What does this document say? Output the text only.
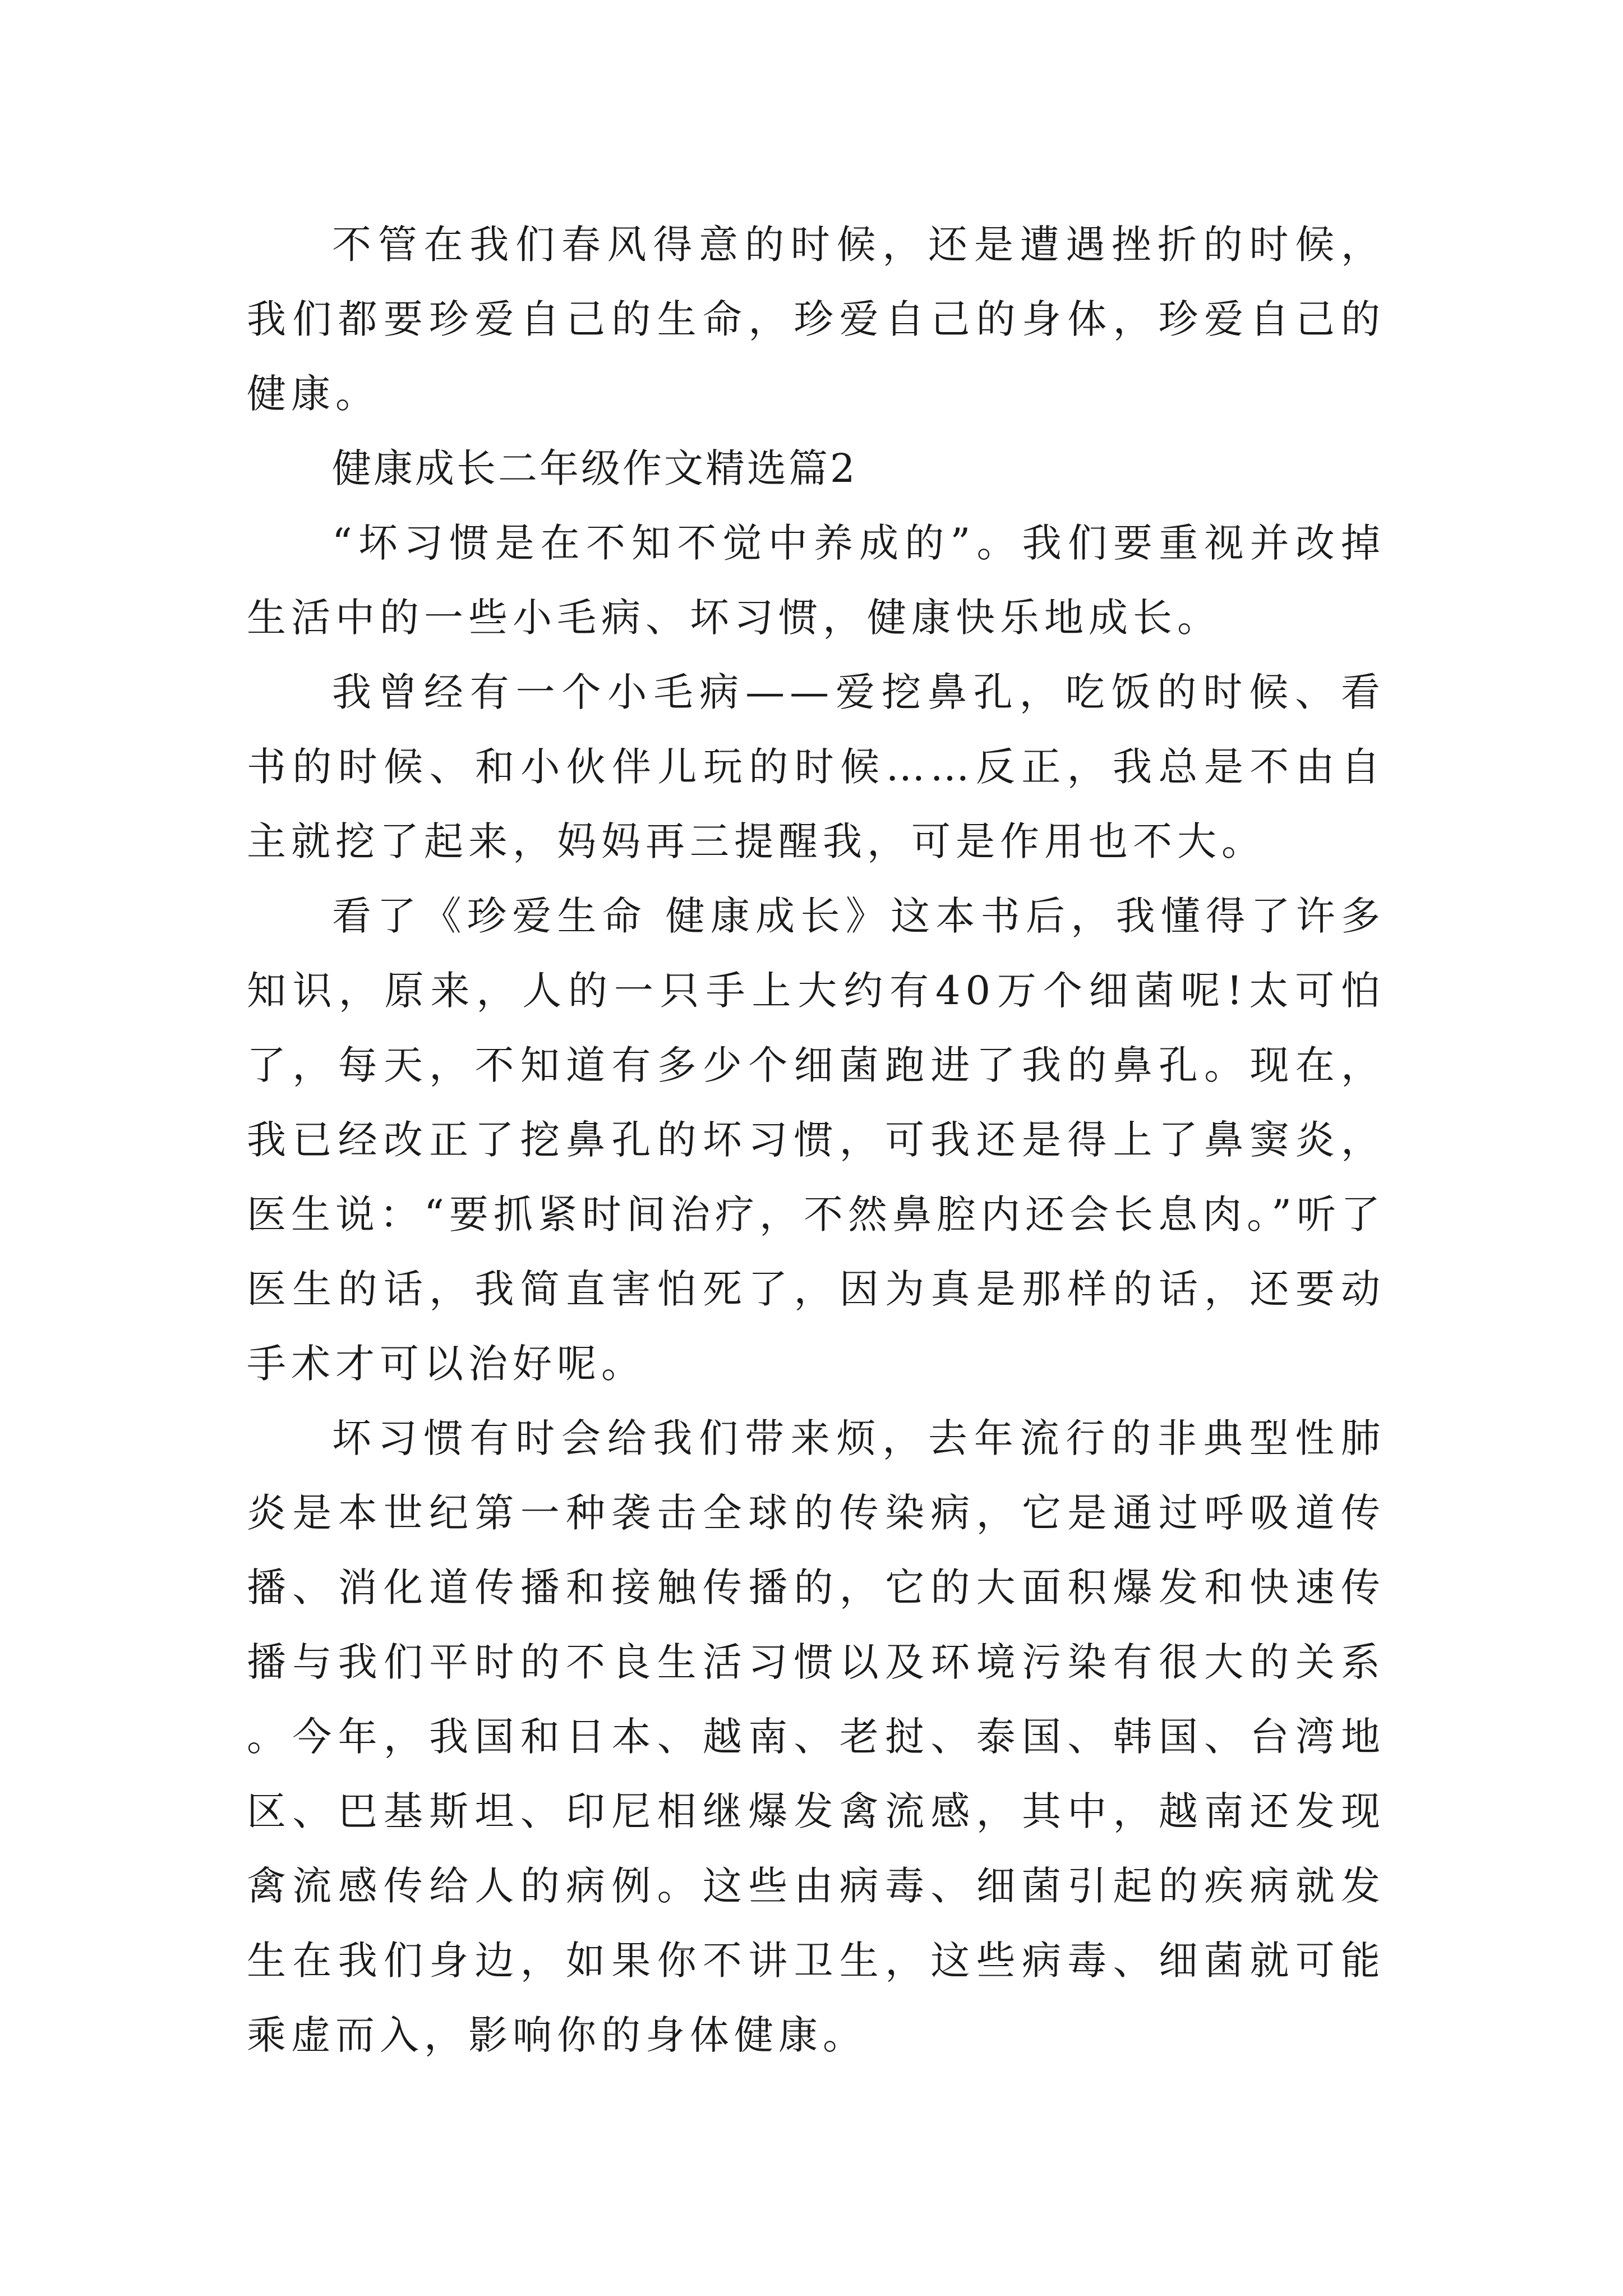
不管在我们春风得意的时候，还是遭遇挫折的时候，我们都要珍爱自己的生命，珍爱自己的身体，珍爱自己的健康。

健康成长二年级作文精选篇2

“坏习惯是在不知不觉中养成的”。我们要重视并改掉生活中的一些小毛病、坏习惯，健康快乐地成长。

我曾经有一个小毛病——爱挖鼻孔，吃饭的时候、看书的时候、和小伙伴儿玩的时候……反正，我总是不由自主就挖了起来，妈妈再三提醒我，可是作用也不大。

看了《珍爱生命 健康成长》这本书后，我懂得了许多知识，原来，人的一只手上大约有40万个细菌呢!太可怕了，每天，不知道有多少个细菌跑进了我的鼻孔。现在，我已经改正了挖鼻孔的坏习惯，可我还是得上了鼻窦炎，医生说：“要抓紧时间治疗，不然鼻腔内还会长息肉。”听了医生的话，我简直害怕死了，因为真是那样的话，还要动手术才可以治好呢。

坏习惯有时会给我们带来烦，去年流行的非典型性肺炎是本世纪第一种袭击全球的传染病，它是通过呼吸道传播、消化道传播和接触传播的，它的大面积爆发和快速传播与我们平时的不良生活习惯以及环境污染有很大的关系。今年，我国和日本、越南、老挝、泰国、韩国、台湾地区、巴基斯坦、印尼相继爆发禽流感，其中，越南还发现禽流感传给人的病例。这些由病毒、细菌引起的疾病就发生在我们身边，如果你不讲卫生，这些病毒、细菌就可能乘虚而入，影响你的身体健康。
